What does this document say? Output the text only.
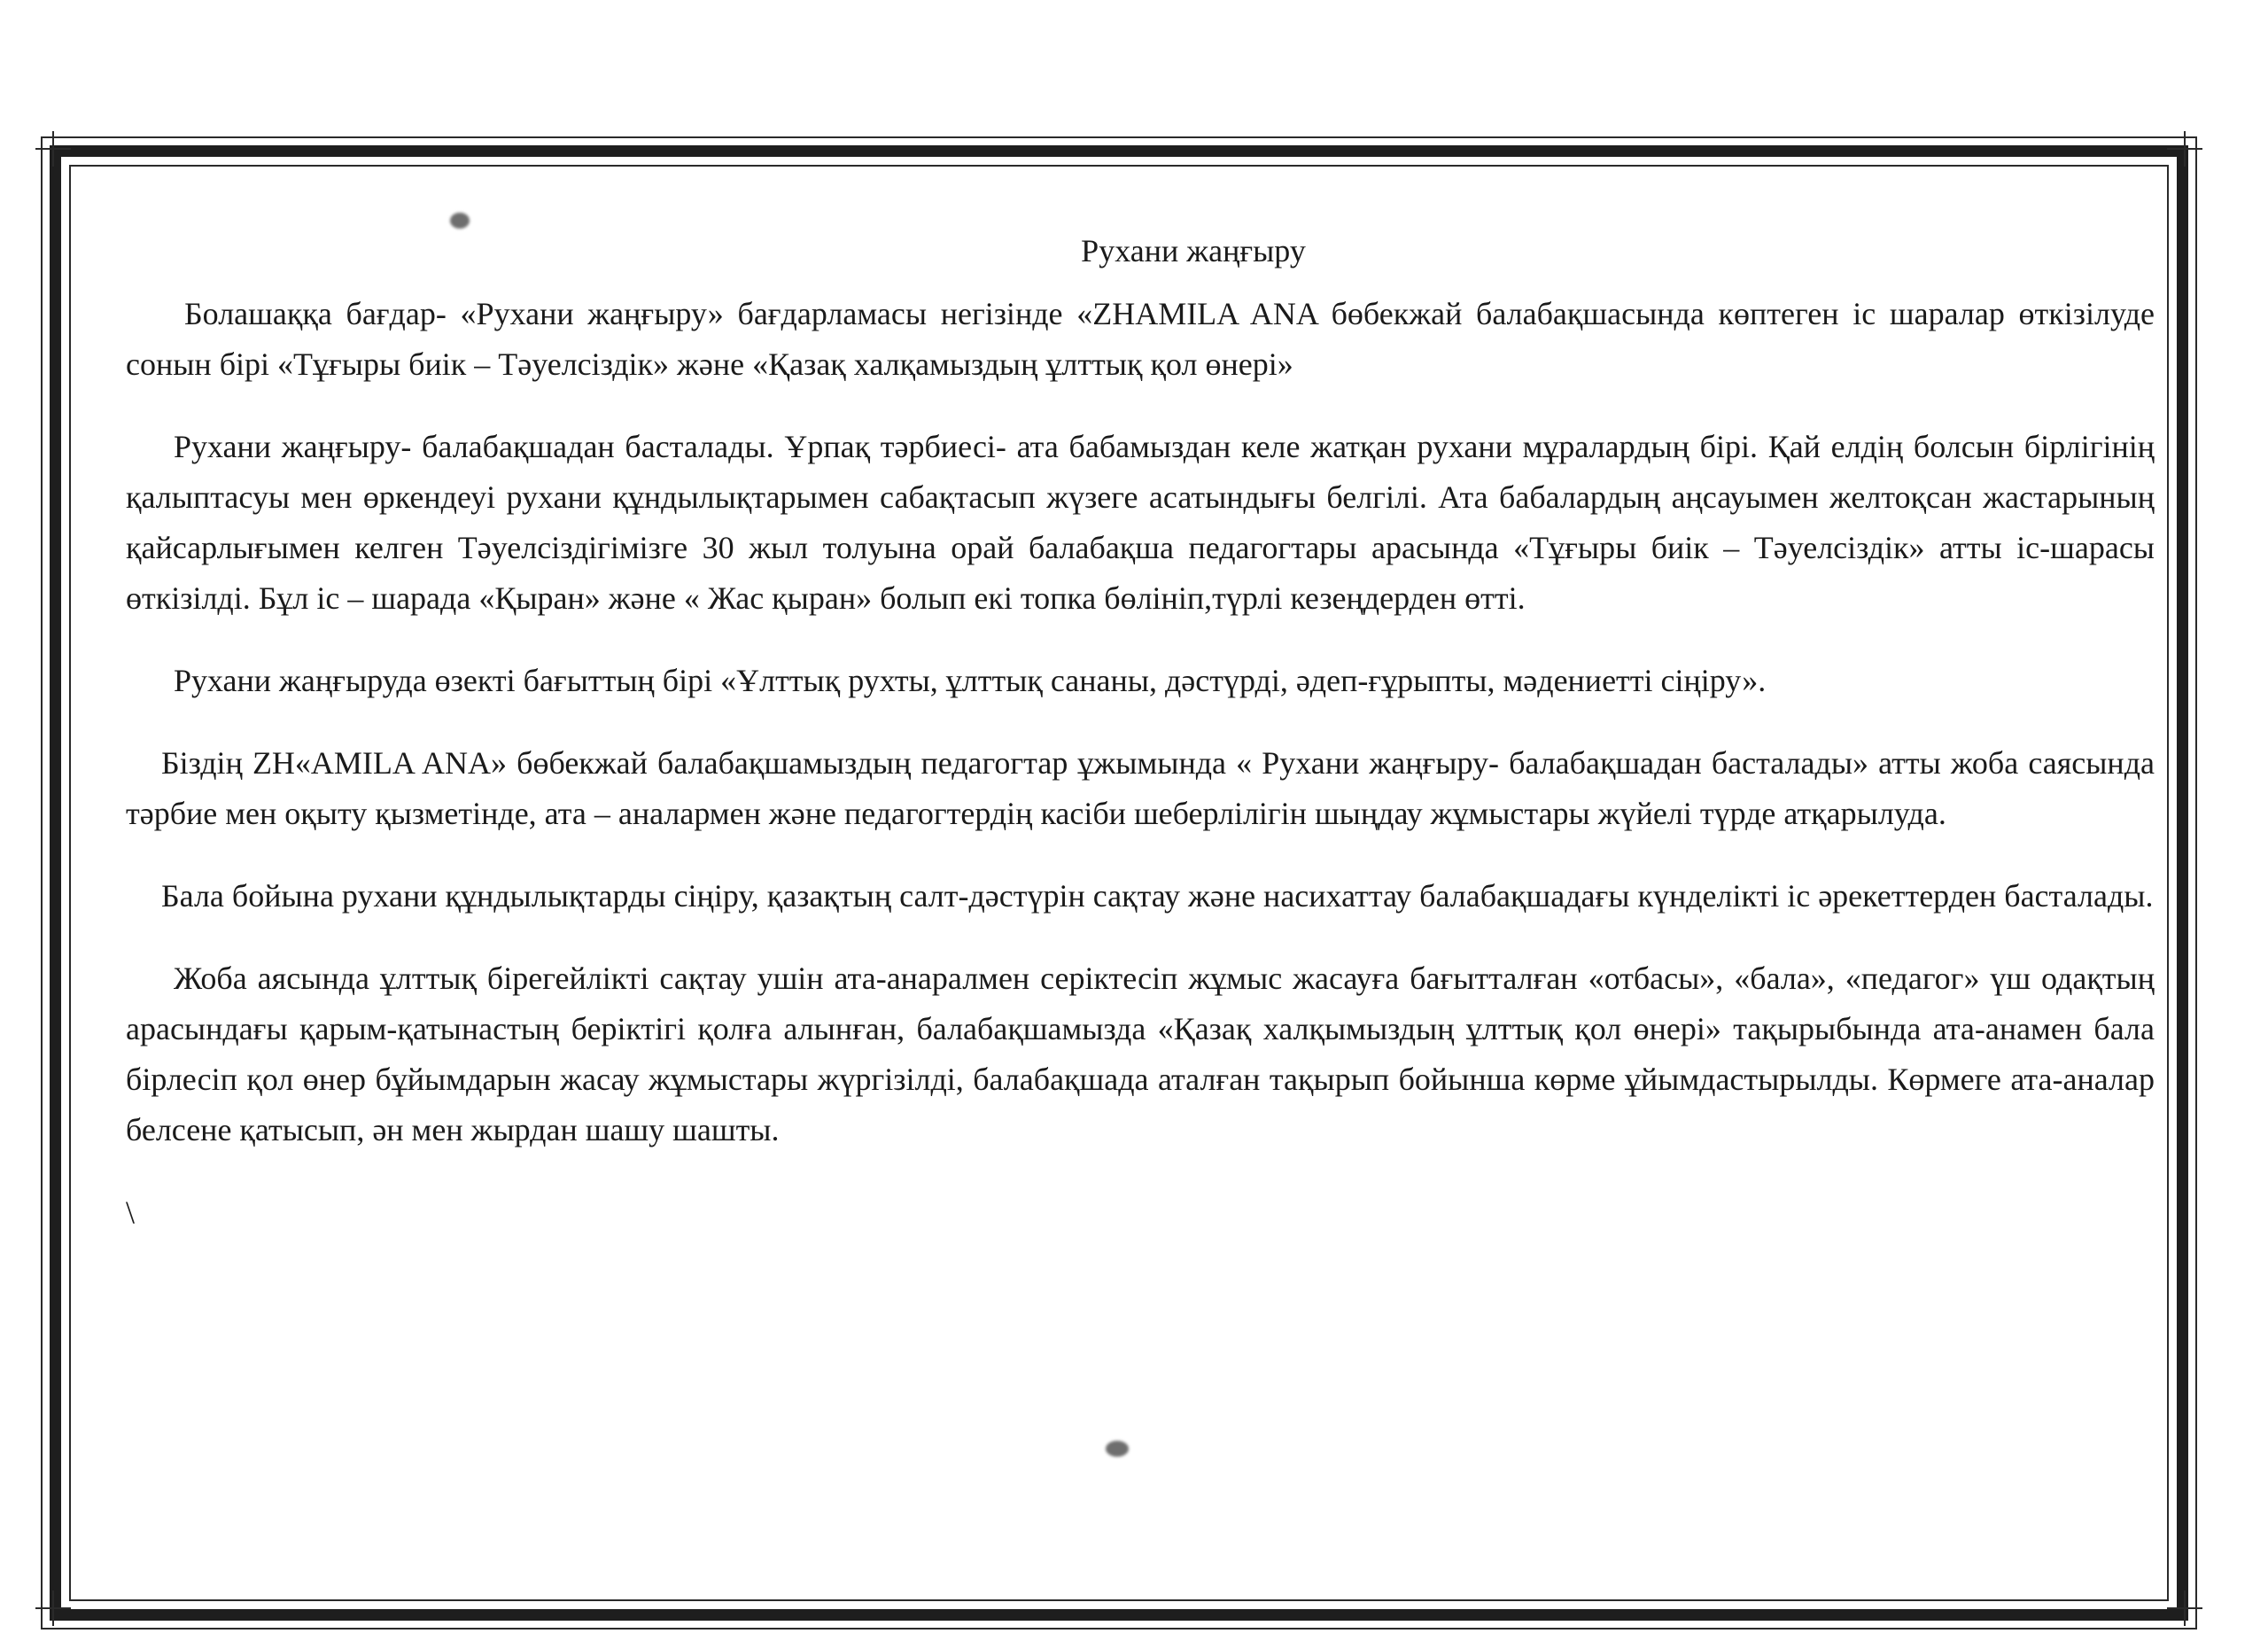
Рухани жаңғыру

Болашаққа бағдар- «Рухани жаңғыру» бағдарламасы негізінде «ZHAMILA ANA бөбекжай балабақшасында көптеген іс шаралар өткізілуде сонын бірі «Тұғыры биік – Тәуелсіздік» және «Қазақ халқамыздың ұлттық қол өнері»

Рухани жаңғыру- балабақшадан басталады. Ұрпақ тәрбиесі- ата бабамыздан келе жатқан рухани мұралардың бірі. Қай елдің болсын бірлігінің қалыптасуы мен өркендеуі рухани құндылықтарымен сабақтасып жүзеге асатындығы белгілі. Ата бабалардың аңсауымен желтоқсан жастарының қайсарлығымен келген Тәуелсіздігімізге 30 жыл толуына орай балабақша педагогтары арасында «Тұғыры биік – Тәуелсіздік» атты іс-шарасы өткізілді. Бұл іс – шарада «Қыран» және « Жас қыран» болып екі топка бөлініп,түрлі кезеңдерден өтті.

Рухани жаңғыруда өзекті бағыттың бірі «Ұлттық рухты, ұлттық сананы, дәстүрді, әдеп-ғұрыпты, мәдениетті сіңіру».

Біздің ZH«AMILA ANA» бөбекжай балабақшамыздың педагогтар ұжымында « Рухани жаңғыру- балабақшадан басталады» атты жоба саясында тәрбие мен оқыту қызметінде, ата – аналармен және педагогтердің касіби шеберлілігін шыңдау жұмыстары жүйелі түрде атқарылуда.

Бала бойына рухани құндылықтарды сіңіру, қазақтың салт-дәстүрін сақтау және насихаттау балабақшадағы күнделікті іс әрекеттерден басталады.

Жоба аясында ұлттық бірегейлікті сақтау ушін ата-анаралмен серіктесіп жұмыс жасауға бағытталған «отбасы», «бала», «педагог» үш одақтың арасындағы қарым-қатынастың беріктігі қолға алынған, балабақшамызда «Қазақ халқымыздың ұлттық қол өнері» тақырыбында ата-анамен бала бірлесіп қол өнер бұйымдарын жасау жұмыстары жүргізілді, балабақшада аталған тақырып бойынша көрме ұйымдастырылды. Көрмеге ата-аналар белсене қатысып, ән мен жырдан шашу шашты.

\
